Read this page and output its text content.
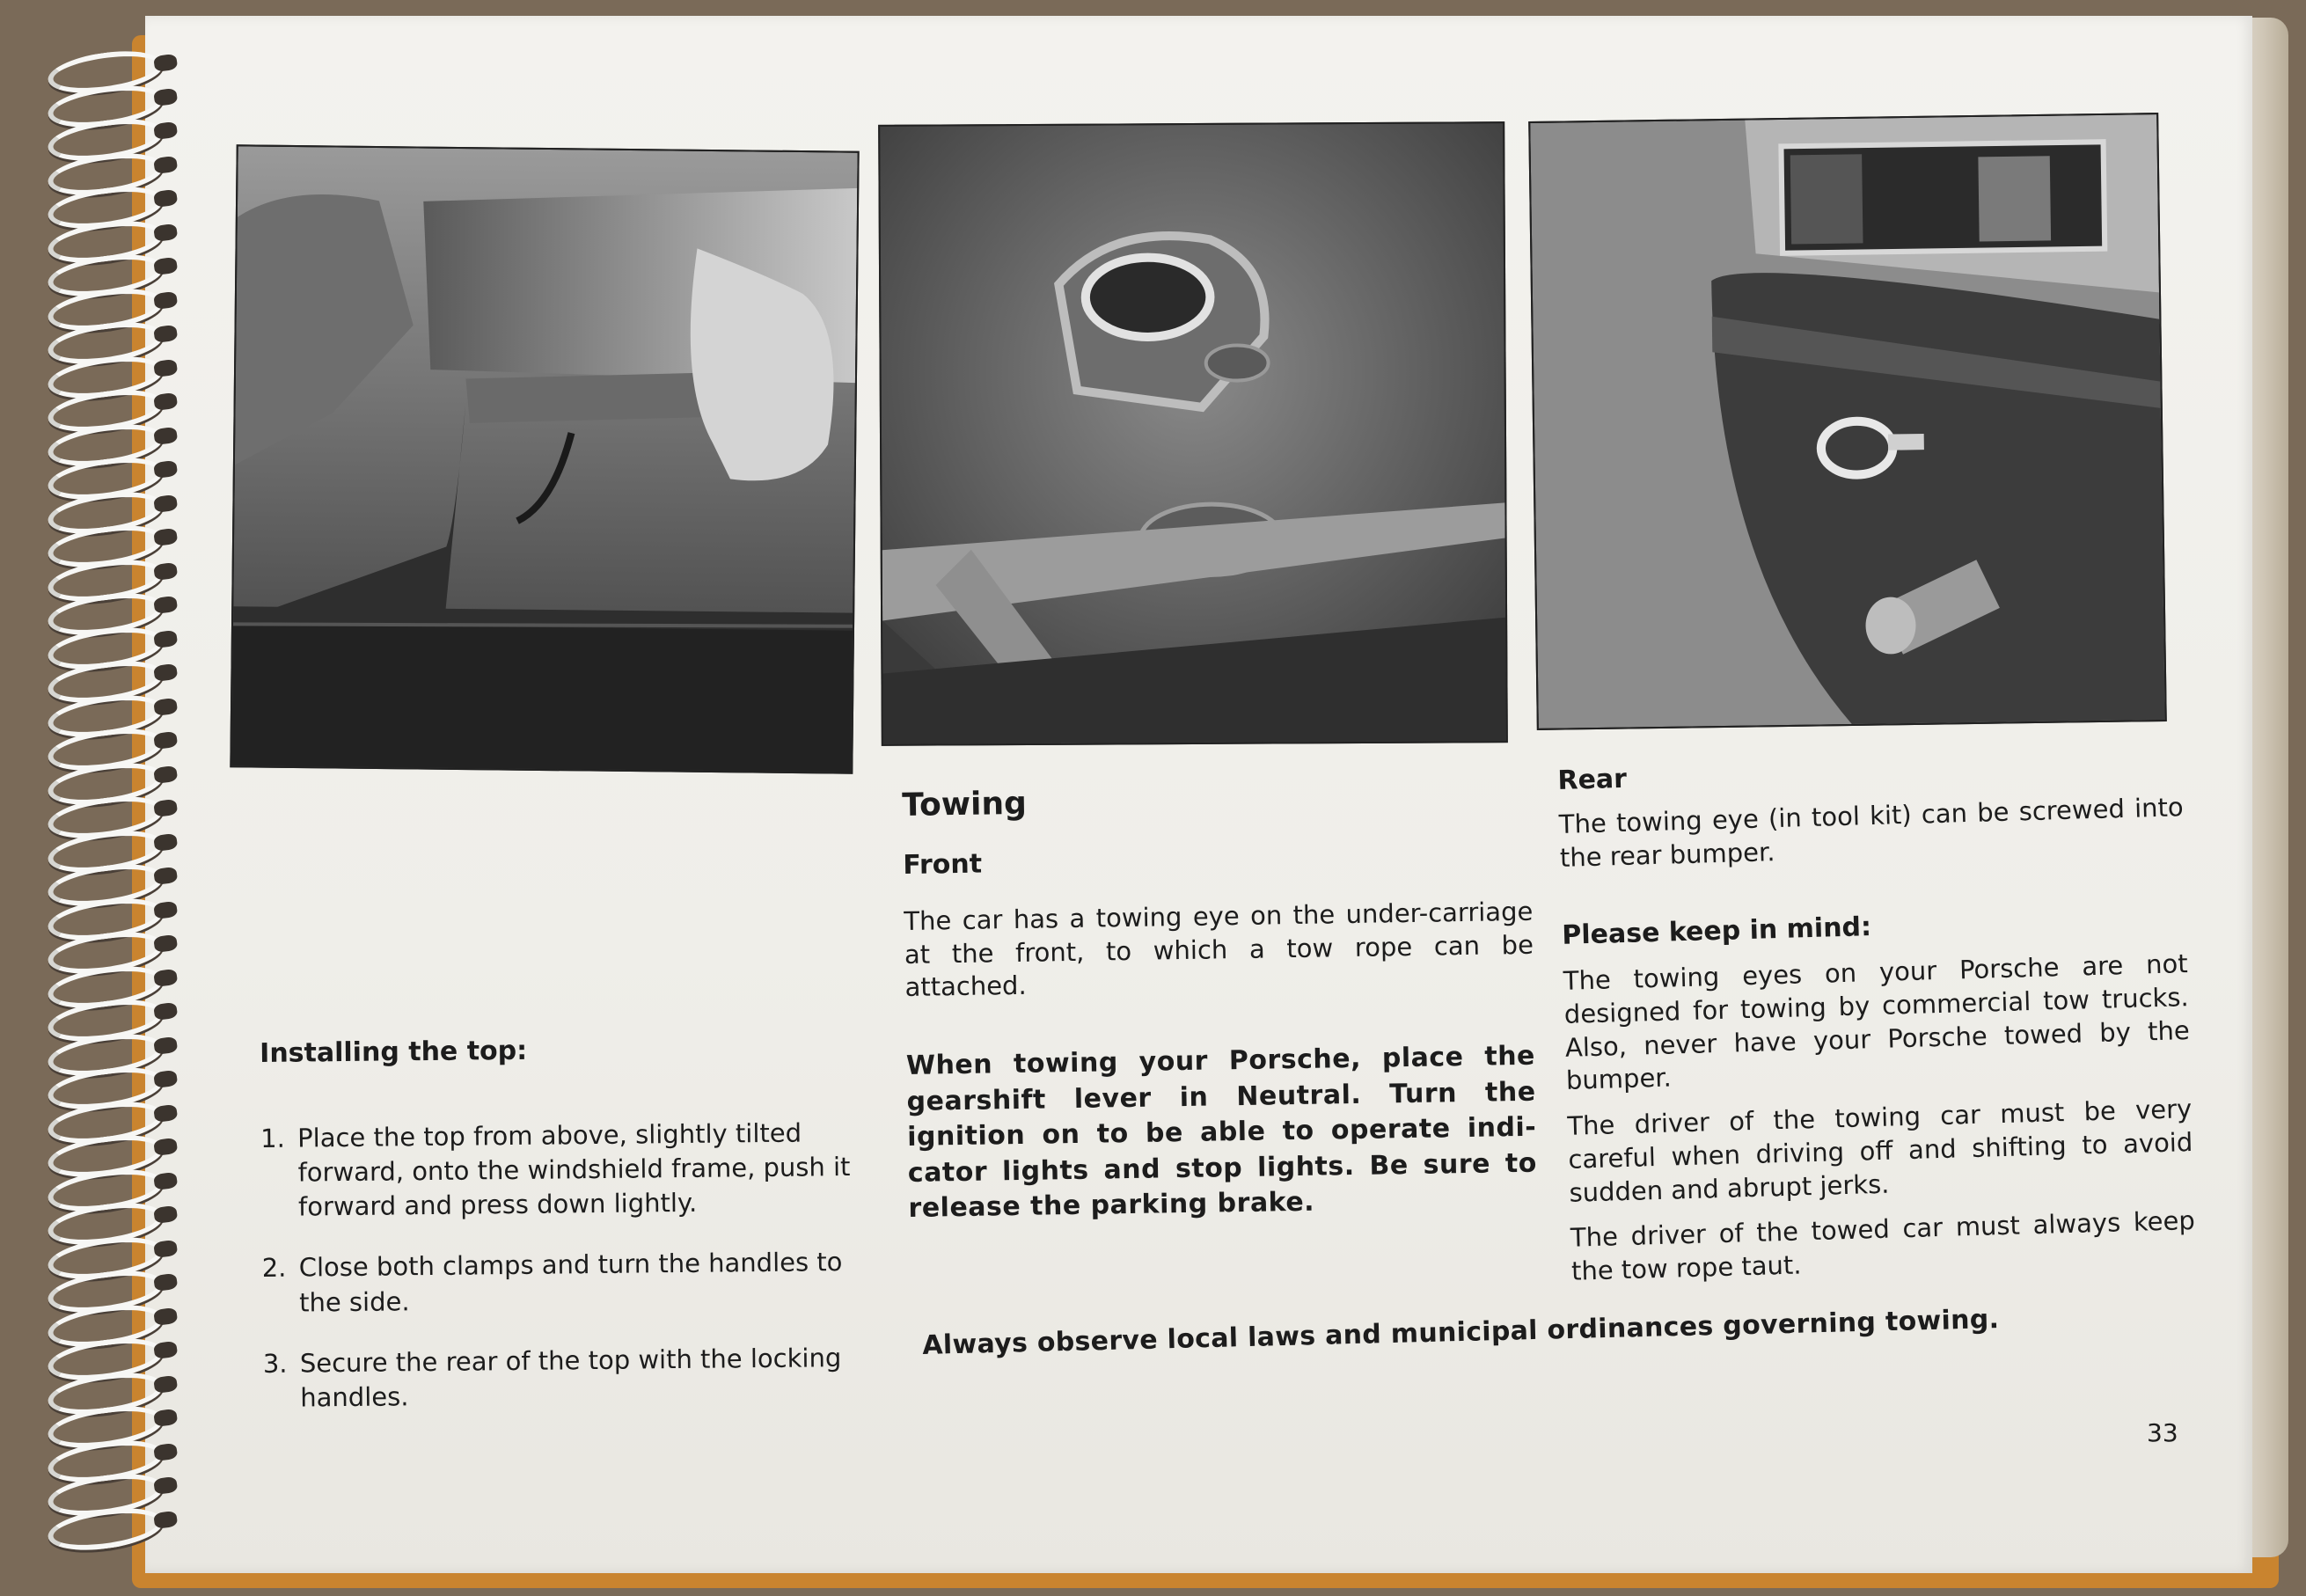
Installing the top:
1. Place the top from above, slightly tilted forward, onto the windshield frame, push it forward and press down lightly.
2. Close both clamps and turn the handles to the side.
3. Secure the rear of the top with the locking handles.
Towing
Front
The car has a towing eye on the under-carriage at the front, to which a tow rope can be attached.
When towing your Porsche, place the gearshift lever in Neutral. Turn the ignition on to be able to operate indi-cator lights and stop lights. Be sure to release the parking brake.
Rear
The towing eye (in tool kit) can be screwed into the rear bumper.
Please keep in mind:
The towing eyes on your Porsche are not designed for towing by commercial tow trucks. Also, never have your Porsche towed by the bumper.
The driver of the towing car must be very careful when driving off and shifting to avoid sudden and abrupt jerks.
The driver of the towed car must always keep the tow rope taut.
Always observe local laws and municipal ordinances governing towing.
33
